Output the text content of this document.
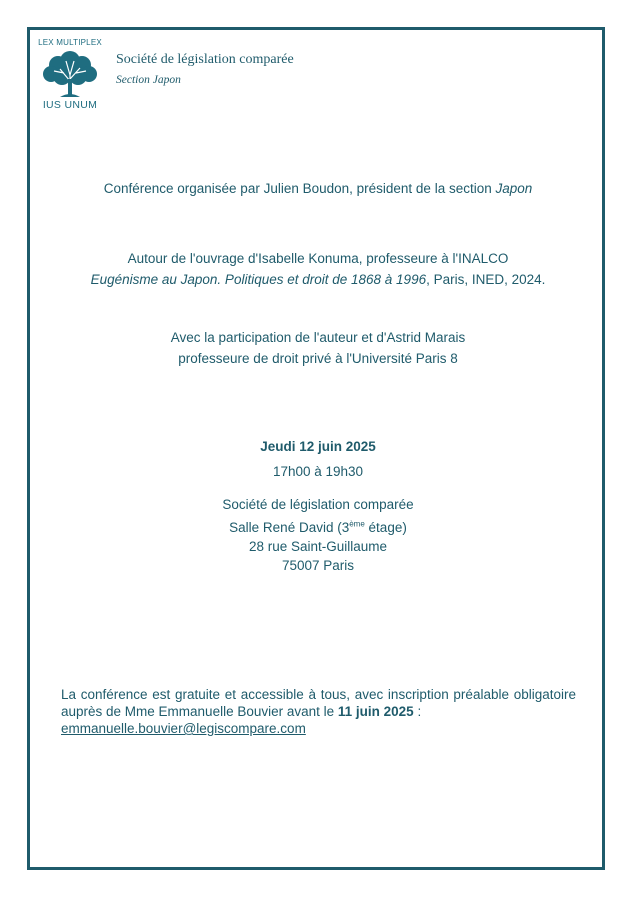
LEX MULTIPLEX
IUS UNUM
Société de législation comparée
Section Japon
Conférence organisée par Julien Boudon, président de la section Japon
Autour de l'ouvrage d'Isabelle Konuma, professeure à l'INALCO
Eugénisme au Japon. Politiques et droit de 1868 à 1996, Paris, INED, 2024.
Avec la participation de l'auteur et d'Astrid Marais
professeure de droit privé à l'Université Paris 8
Jeudi 12 juin 2025
17h00 à 19h30
Société de législation comparée
Salle René David (3ème étage)
28 rue Saint-Guillaume
75007 Paris
La conférence est gratuite et accessible à tous, avec inscription préalable obligatoire auprès de Mme Emmanuelle Bouvier avant le 11 juin 2025 :
emmanuelle.bouvier@legiscompare.com
